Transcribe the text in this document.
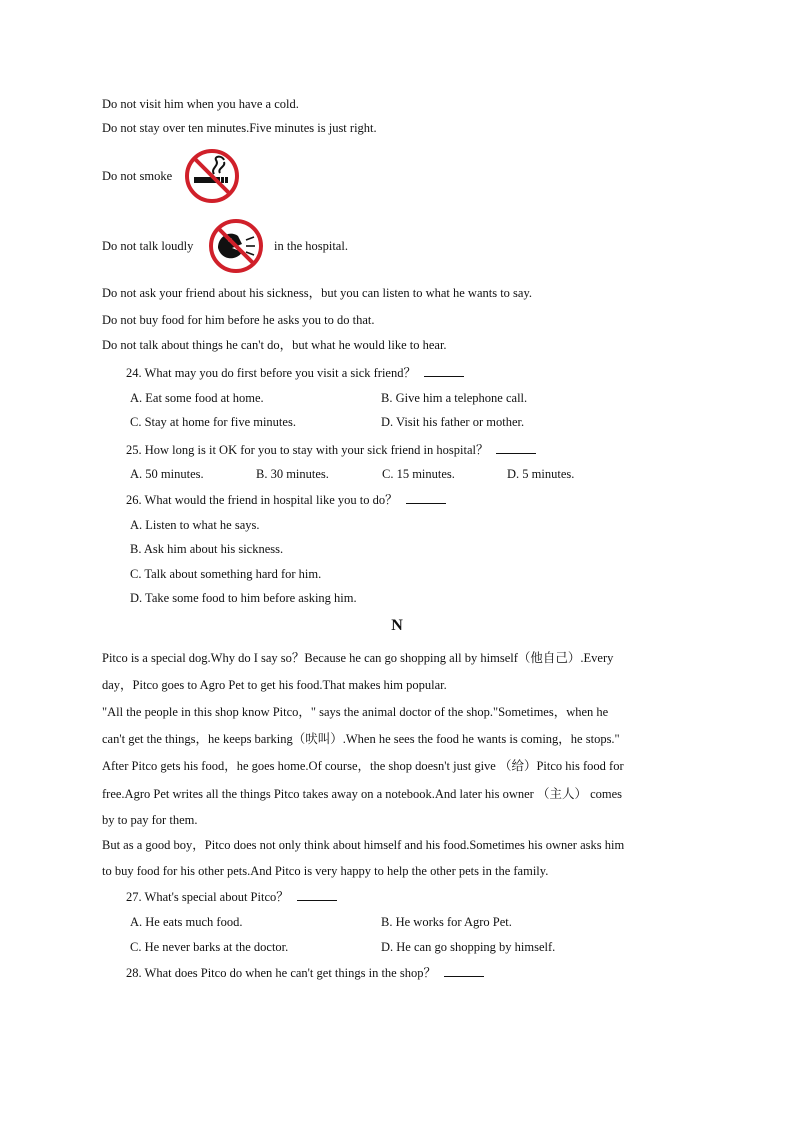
Do not visit him when you have a cold.
Do not stay over ten minutes.Five minutes is just right.
Do not smoke
Do not talk loudly	in the hospital.
Do not ask your friend about his sickness，but you can listen to what he wants to say.
Do not buy food for him before he asks you to do that.
Do not talk about things he can't do，but what he would like to hear.
24. What may you do first before you visit a sick friend？
A. Eat some food at home.	B. Give him a telephone call.
C. Stay at home for five minutes.	D. Visit his father or mother.
25. How long is it OK for you to stay with your sick friend in hospital？
A. 50 minutes.	B. 30 minutes.	C. 15 minutes.	D. 5 minutes.
26. What would the friend in hospital like you to do？
A. Listen to what he says.
B. Ask him about his sickness.
C. Talk about something hard for him.
D. Take some food to him before asking him.
N
Pitco is a special dog.Why do I say so？Because he can go shopping all by himself（他自己）.Every
day，Pitco goes to Agro Pet to get his food.That makes him popular.
"All the people in this shop know Pitco，" says the animal doctor of the shop."Sometimes，when he
can't get the things，he keeps barking（吠叫）.When he sees the food he wants is coming，he stops."
After Pitco gets his food，he goes home.Of course，the shop doesn't just give （给）Pitco his food for
free.Agro Pet writes all the things Pitco takes away on a notebook.And later his owner （主人） comes
by to pay for them.
But as a good boy，Pitco does not only think about himself and his food.Sometimes his owner asks him
to buy food for his other pets.And Pitco is very happy to help the other pets in the family.
27. What's special about Pitco？
A. He eats much food.	B. He works for Agro Pet.
C. He never barks at the doctor.	D. He can go shopping by himself.
28. What does Pitco do when he can't get things in the shop？
